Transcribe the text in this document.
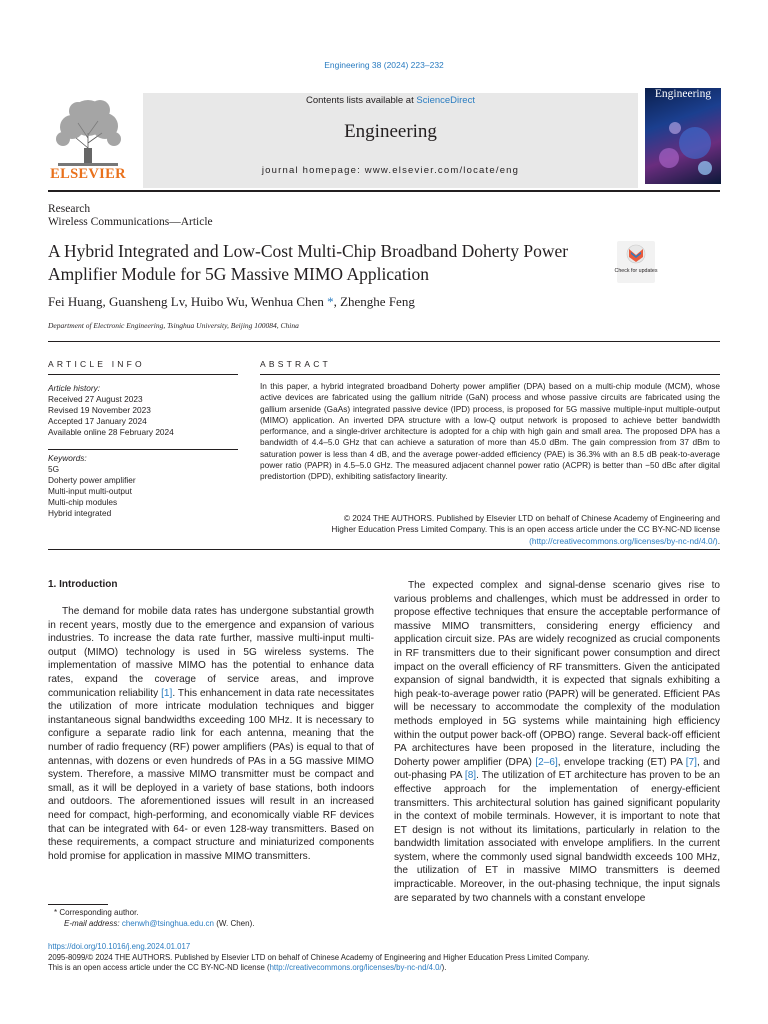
Engineering 38 (2024) 223–232
ELSEVIER
Contents lists available at ScienceDirect
Engineering
journal homepage: www.elsevier.com/locate/eng
Engineering
Research
Wireless Communications—Article
A Hybrid Integrated and Low-Cost Multi-Chip Broadband Doherty Power Amplifier Module for 5G Massive MIMO Application	Check for updates
Fei Huang, Guansheng Lv, Huibo Wu, Wenhua Chen *, Zhenghe Feng
Department of Electronic Engineering, Tsinghua University, Beijing 100084, China
ARTICLE INFO	ABSTRACT
Article history:
Received 27 August 2023
Revised 19 November 2023
Accepted 17 January 2024
Available online 28 February 2024
Keywords:
5G
Doherty power amplifier
Multi-input multi-output
Multi-chip modules
Hybrid integrated
In this paper, a hybrid integrated broadband Doherty power amplifier (DPA) based on a multi-chip module (MCM), whose active devices are fabricated using the gallium nitride (GaN) process and whose passive circuits are fabricated using the gallium arsenide (GaAs) integrated passive device (IPD) process, is proposed for 5G massive multiple-input multiple-output (MIMO) application. An inverted DPA structure with a low-Q output network is proposed to achieve better bandwidth performance, and a single-driver architecture is adopted for a chip with high gain and small area. The proposed DPA has a bandwidth of 4.4–5.0 GHz that can achieve a saturation of more than 45.0 dBm. The gain compression from 37 dBm to saturation power is less than 4 dB, and the average power-added efficiency (PAE) is 36.3% with an 8.5 dB peak-to-average power ratio (PAPR) in 4.5–5.0 GHz. The measured adjacent channel power ratio (ACPR) is better than −50 dBc after digital predistortion (DPD), exhibiting satisfactory linearity.
© 2024 THE AUTHORS. Published by Elsevier LTD on behalf of Chinese Academy of Engineering and
Higher Education Press Limited Company. This is an open access article under the CC BY-NC-ND license
(http://creativecommons.org/licenses/by-nc-nd/4.0/).
1. Introduction

The demand for mobile data rates has undergone substantial growth in recent years, mostly due to the emergence and expansion of various industries. To increase the data rate further, massive multi-input multi-output (MIMO) technology is used in 5G wireless systems. The implementation of massive MIMO has the potential to enhance data rates, expand the coverage of service areas, and improve communication reliability [1]. This enhancement in data rate necessitates the utilization of more intricate modulation techniques and bigger instantaneous signal bandwidths exceeding 100 MHz. It is necessary to configure a separate radio link for each antenna, meaning that the number of radio frequency (RF) power amplifiers (PAs) is equal to that of antennas, with dozens or even hundreds of PAs in a 5G massive MIMO system. Therefore, a massive MIMO transmitter must be compact and small, as it will be deployed in a variety of base stations, both indoors and outdoors. The aforementioned issues will result in an increased need for compact, high-performing, and economically viable RF devices that can be integrated with 64- or even 128-way transmitters. Based on these requirements, a compact structure and miniaturized components hold promise for application in massive MIMO transmitters.

The expected complex and signal-dense scenario gives rise to various problems and challenges, which must be addressed in order to propose effective techniques that ensure the acceptable performance of massive MIMO transmitters, considering energy efficiency and application circuit size. PAs are widely recognized as crucial components in RF transmitters due to their significant power consumption and direct impact on the overall efficiency of RF transmitters. Given the anticipated expansion of signal bandwidth, it is expected that signals exhibiting a high peak-to-average power ratio (PAPR) will be generated. Efficient PAs will be necessary to accommodate the complexity of the modulation methods employed in 5G systems while maintaining high efficiency within the output power back-off (OPBO) range. Several back-off efficient PA architectures have been proposed in the literature, including the Doherty power amplifier (DPA) [2–6], envelope tracking (ET) PA [7], and out-phasing PA [8]. The utilization of ET architecture has proven to be an effective approach for the implementation of energy-efficient transmitters. This architectural solution has gained significant popularity in the context of mobile terminals. However, it is important to note that ET design is not without its limitations, particularly in relation to the bandwidth limitation associated with envelope amplifiers. In the current system, where the commonly used signal bandwidth exceeds 100 MHz, the utilization of ET in massive MIMO transmitters is deemed impracticable. Moreover, in the out-phasing technique, the input signals are separated by two channels with a constant envelope

* Corresponding author.
E-mail address: chenwh@tsinghua.edu.cn (W. Chen).
https://doi.org/10.1016/j.eng.2024.01.017
2095-8099/© 2024 THE AUTHORS. Published by Elsevier LTD on behalf of Chinese Academy of Engineering and Higher Education Press Limited Company.
This is an open access article under the CC BY-NC-ND license (http://creativecommons.org/licenses/by-nc-nd/4.0/).
